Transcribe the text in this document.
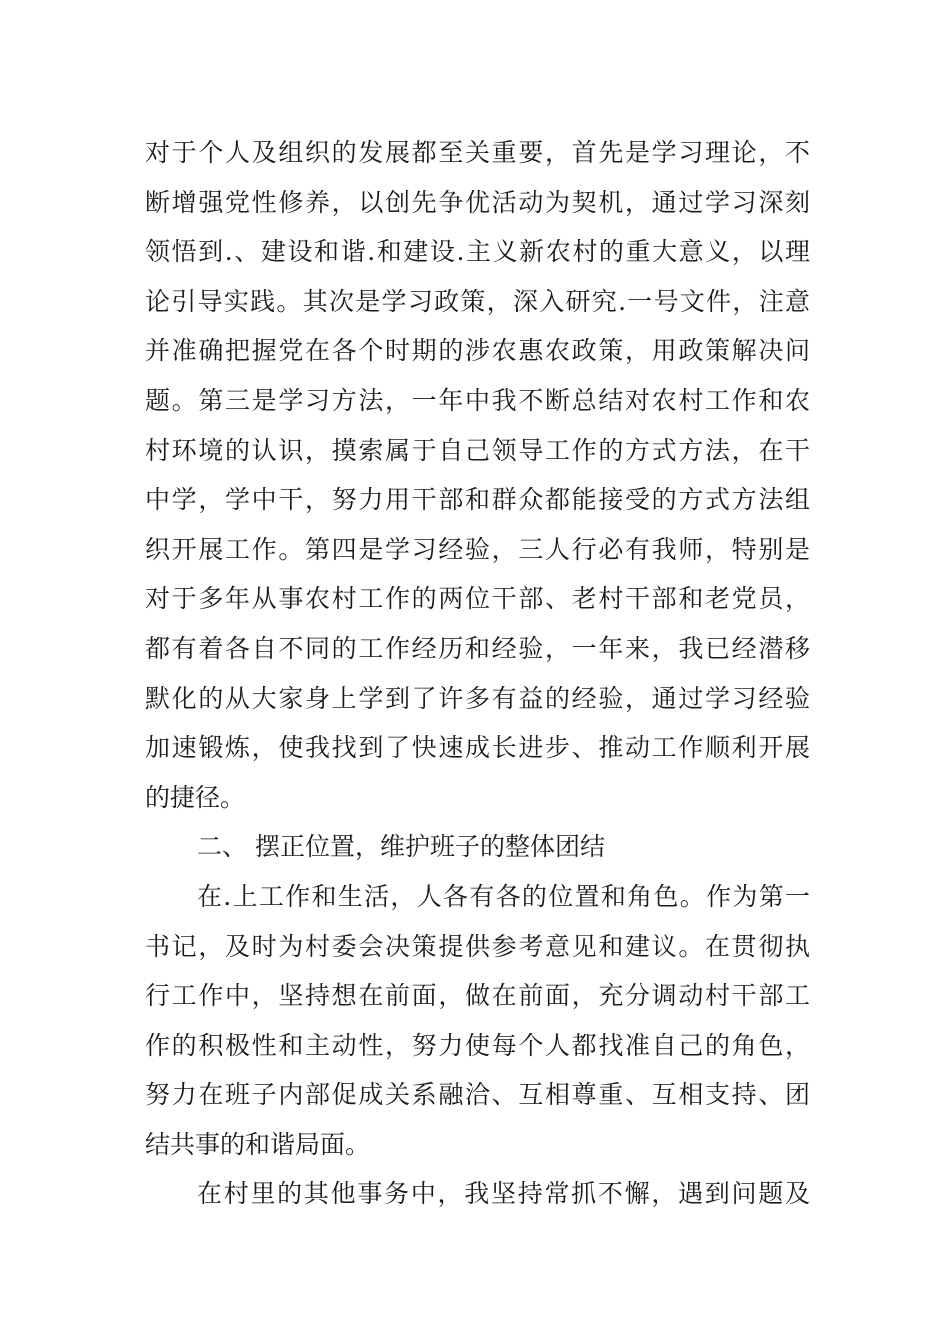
对于个人及组织的发展都至关重要，首先是学习理论，不
断增强党性修养，以创先争优活动为契机，通过学习深刻
领悟到.、建设和谐.和建设.主义新农村的重大意义，以理
论引导实践。其次是学习政策，深入研究.一号文件，注意
并准确把握党在各个时期的涉农惠农政策，用政策解决问
题。第三是学习方法，一年中我不断总结对农村工作和农
村环境的认识，摸索属于自己领导工作的方式方法，在干
中学，学中干，努力用干部和群众都能接受的方式方法组
织开展工作。第四是学习经验，三人行必有我师，特别是
对于多年从事农村工作的两位干部、老村干部和老党员，
都有着各自不同的工作经历和经验，一年来，我已经潜移
默化的从大家身上学到了许多有益的经验，通过学习经验
加速锻炼，使我找到了快速成长进步、推动工作顺利开展
的捷径。
二、 摆正位置，维护班子的整体团结
在.上工作和生活，人各有各的位置和角色。作为第一
书记，及时为村委会决策提供参考意见和建议。在贯彻执
行工作中，坚持想在前面，做在前面，充分调动村干部工
作的积极性和主动性，努力使每个人都找准自己的角色，
努力在班子内部促成关系融洽、互相尊重、互相支持、团
结共事的和谐局面。
在村里的其他事务中，我坚持常抓不懈，遇到问题及
